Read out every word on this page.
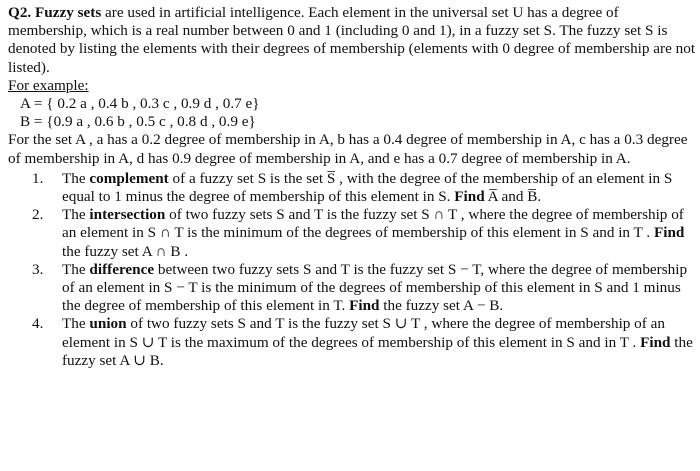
Q2. Fuzzy sets are used in artificial intelligence. Each element in the universal set U has a degree of membership, which is a real number between 0 and 1 (including 0 and 1), in a fuzzy set S. The fuzzy set S is denoted by listing the elements with their degrees of membership (elements with 0 degree of membership are not listed).

For example:

A = { 0.2 a , 0.4 b , 0.3 c , 0.9 d , 0.7 e}

B = {0.9 a , 0.6 b , 0.5 c , 0.8 d , 0.9 e}

For the set A , a has a 0.2 degree of membership in A, b has a 0.4 degree of membership in A, c has a 0.3 degree of membership in A, d has 0.9 degree of membership in A, and e has a 0.7 degree of membership in A.

1. The complement of a fuzzy set S is the set S̅ , with the degree of the membership of an element in S equal to 1 minus the degree of membership of this element in S. Find A̅ and B̅.

2. The intersection of two fuzzy sets S and T is the fuzzy set S ∩ T , where the degree of membership of an element in S ∩ T is the minimum of the degrees of membership of this element in S and in T . Find the fuzzy set A ∩ B .

3. The difference between two fuzzy sets S and T is the fuzzy set S − T, where the degree of membership of an element in S − T is the minimum of the degrees of membership of this element in S and 1 minus the degree of membership of this element in T. Find the fuzzy set A − B.

4. The union of two fuzzy sets S and T is the fuzzy set S ∪ T , where the degree of membership of an element in S ∪ T is the maximum of the degrees of membership of this element in S and in T . Find the fuzzy set A ∪ B.
